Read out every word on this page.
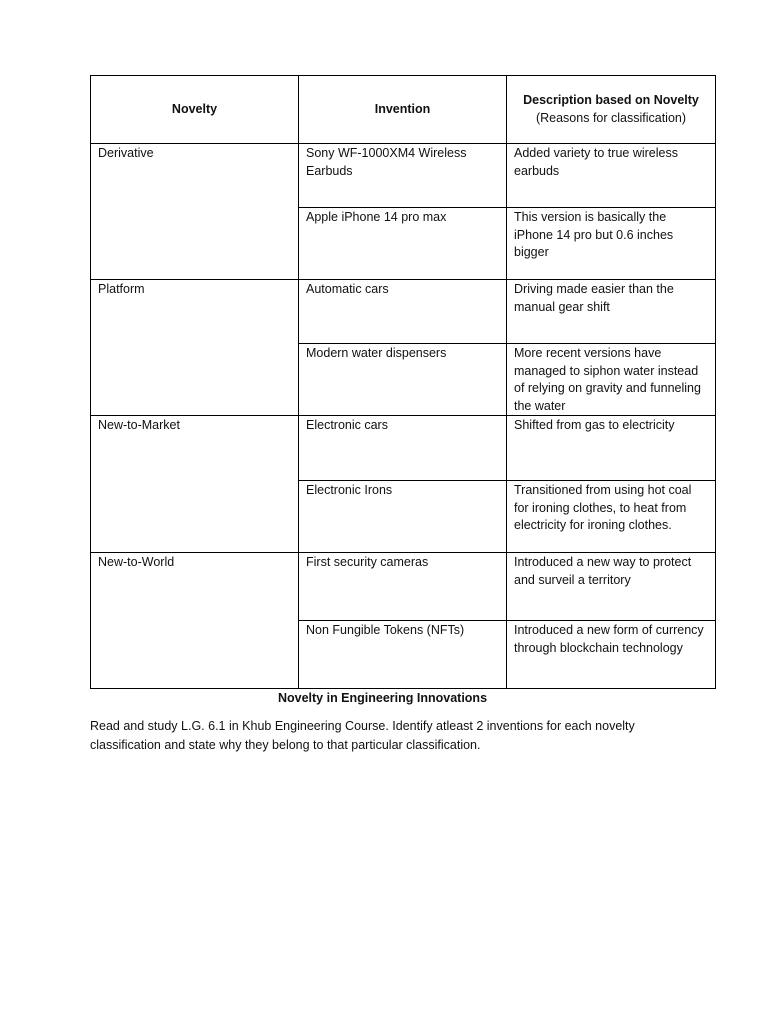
Novelty	Invention	Description based on Novelty
(Reasons for classification)

Derivative	Sony WF-1000XM4 Wireless Earbuds	Added variety to true wireless earbuds
	Apple iPhone 14 pro max	This version is basically the iPhone 14 pro but 0.6 inches bigger
Platform	Automatic cars	Driving made easier than the manual gear shift
	Modern water dispensers	More recent versions have managed to siphon water instead of relying on gravity and funneling the water
New-to-Market	Electronic cars	Shifted from gas to electricity
	Electronic Irons	Transitioned from using hot coal for ironing clothes, to heat from electricity for ironing clothes.
New-to-World	First security cameras	Introduced a new way to protect and surveil a territory
	Non Fungible Tokens (NFTs)	Introduced a new form of currency through blockchain technology
Novelty in Engineering Innovations
Read and study L.G. 6.1 in Khub Engineering Course. Identify atleast 2 inventions for each novelty classification and state why they belong to that particular classification.
